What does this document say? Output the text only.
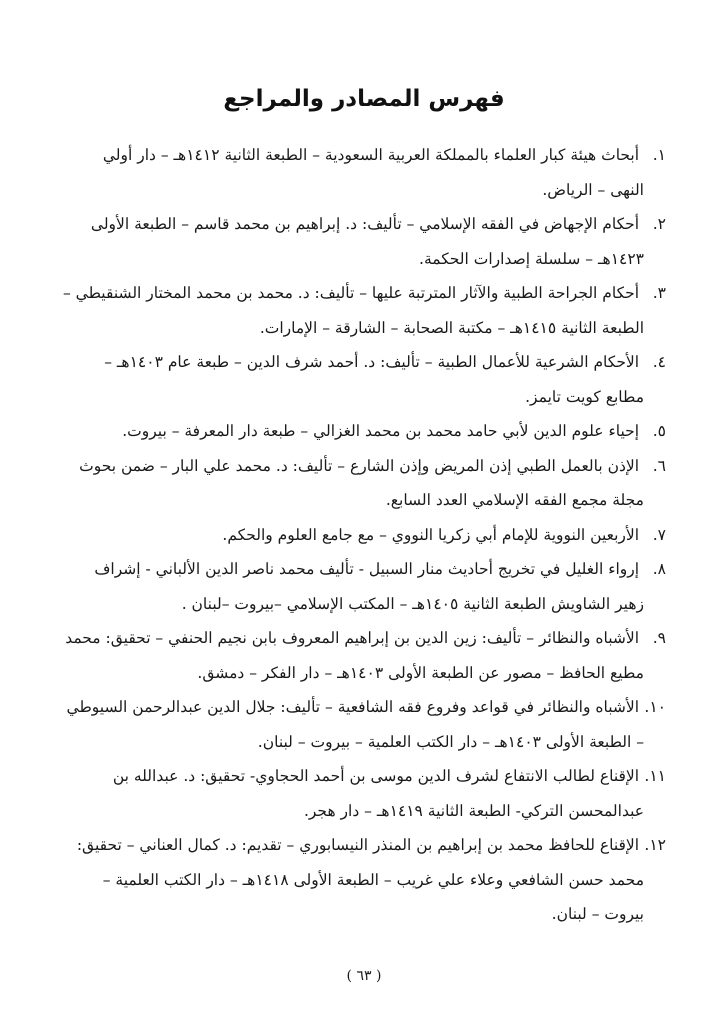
فهرس المصادر والمراجع
١. أبحاث هيئة كبار العلماء بالمملكة العربية السعودية – الطبعة الثانية ١٤١٢هـ – دار أولي
النهى – الرياض.
٢. أحكام الإجهاض في الفقه الإسلامي – تأليف: د. إبراهيم بن محمد قاسم – الطبعة الأولى
١٤٢٣هـ – سلسلة إصدارات الحكمة.
٣. أحكام الجراحة الطبية والآثار المترتبة عليها – تأليف: د. محمد بن محمد المختار الشنقيطي –
الطبعة الثانية ١٤١٥هـ – مكتبة الصحابة – الشارقة – الإمارات.
٤. الأحكام الشرعية للأعمال الطبية – تأليف: د. أحمد شرف الدين – طبعة عام ١٤٠٣هـ –
مطابع كويت تايمز.
٥. إحياء علوم الدين لأبي حامد محمد بن محمد الغزالي – طبعة دار المعرفة – بيروت.
٦. الإذن بالعمل الطبي إذن المريض وإذن الشارع – تأليف: د. محمد علي البار – ضمن بحوث
مجلة مجمع الفقه الإسلامي العدد السابع.
٧. الأربعين النووية للإمام أبي زكريا النووي – مع جامع العلوم والحكم.
٨. إرواء الغليل في تخريج أحاديث منار السبيل - تأليف محمد ناصر الدين الألباني - إشراف
زهير الشاويش الطبعة الثانية ١٤٠٥هـ – المكتب الإسلامي –بيروت –لبنان .
٩. الأشباه والنظائر – تأليف: زين الدين بن إبراهيم المعروف بابن نجيم الحنفي – تحقيق: محمد
مطيع الحافظ – مصور عن الطبعة الأولى ١٤٠٣هـ – دار الفكر – دمشق.
١٠. الأشباه والنظائر في قواعد وفروع فقه الشافعية – تأليف: جلال الدين عبدالرحمن السيوطي
– الطبعة الأولى ١٤٠٣هـ – دار الكتب العلمية – بيروت – لبنان.
١١. الإقناع لطالب الانتفاع لشرف الدين موسى بن أحمد الحجاوي- تحقيق: د. عبدالله بن
عبدالمحسن التركي- الطبعة الثانية ١٤١٩هـ – دار هجر.
١٢. الإقناع للحافظ محمد بن إبراهيم بن المنذر النيسابوري – تقديم: د. كمال العناني – تحقيق:
محمد حسن الشافعي وعلاء علي غريب – الطبعة الأولى ١٤١٨هـ – دار الكتب العلمية –
بيروت – لبنان.
( ٦٣ )
